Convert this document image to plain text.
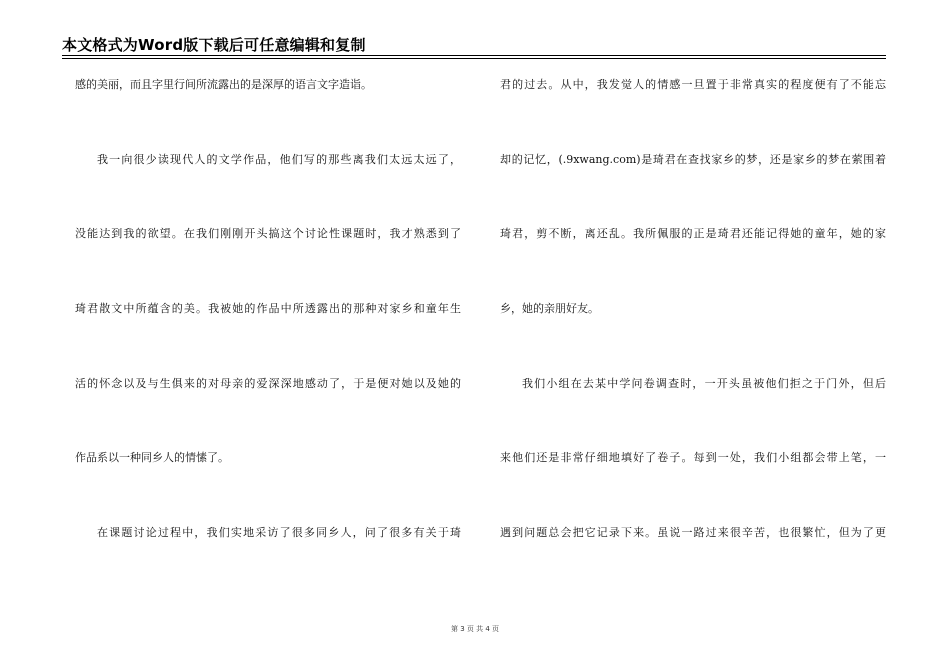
本文格式为Word版下载后可任意编辑和复制
感的美丽，而且字里行间所流露出的是深厚的语言文字造诣。
我一向很少读现代人的文学作品，他们写的那些离我们太远太远了，
没能达到我的欲望。在我们刚刚开头搞这个讨论性课题时，我才熟悉到了
琦君散文中所蕴含的美。我被她的作品中所透露出的那种对家乡和童年生
活的怀念以及与生俱来的对母亲的爱深深地感动了，于是便对她以及她的
作品系以一种同乡人的情愫了。
在课题讨论过程中，我们实地采访了很多同乡人，问了很多有关于琦
君的过去。从中，我发觉人的情感一旦置于非常真实的程度便有了不能忘
却的记忆，(.9xwang.com)是琦君在查找家乡的梦，还是家乡的梦在萦围着
琦君，剪不断，离还乱。我所佩服的正是琦君还能记得她的童年，她的家
乡，她的亲朋好友。
我们小组在去某中学问卷调查时，一开头虽被他们拒之于门外，但后
来他们还是非常仔细地填好了卷子。每到一处，我们小组都会带上笔，一
遇到问题总会把它记录下来。虽说一路过来很辛苦，也很繁忙，但为了更
第 3 页 共 4 页
